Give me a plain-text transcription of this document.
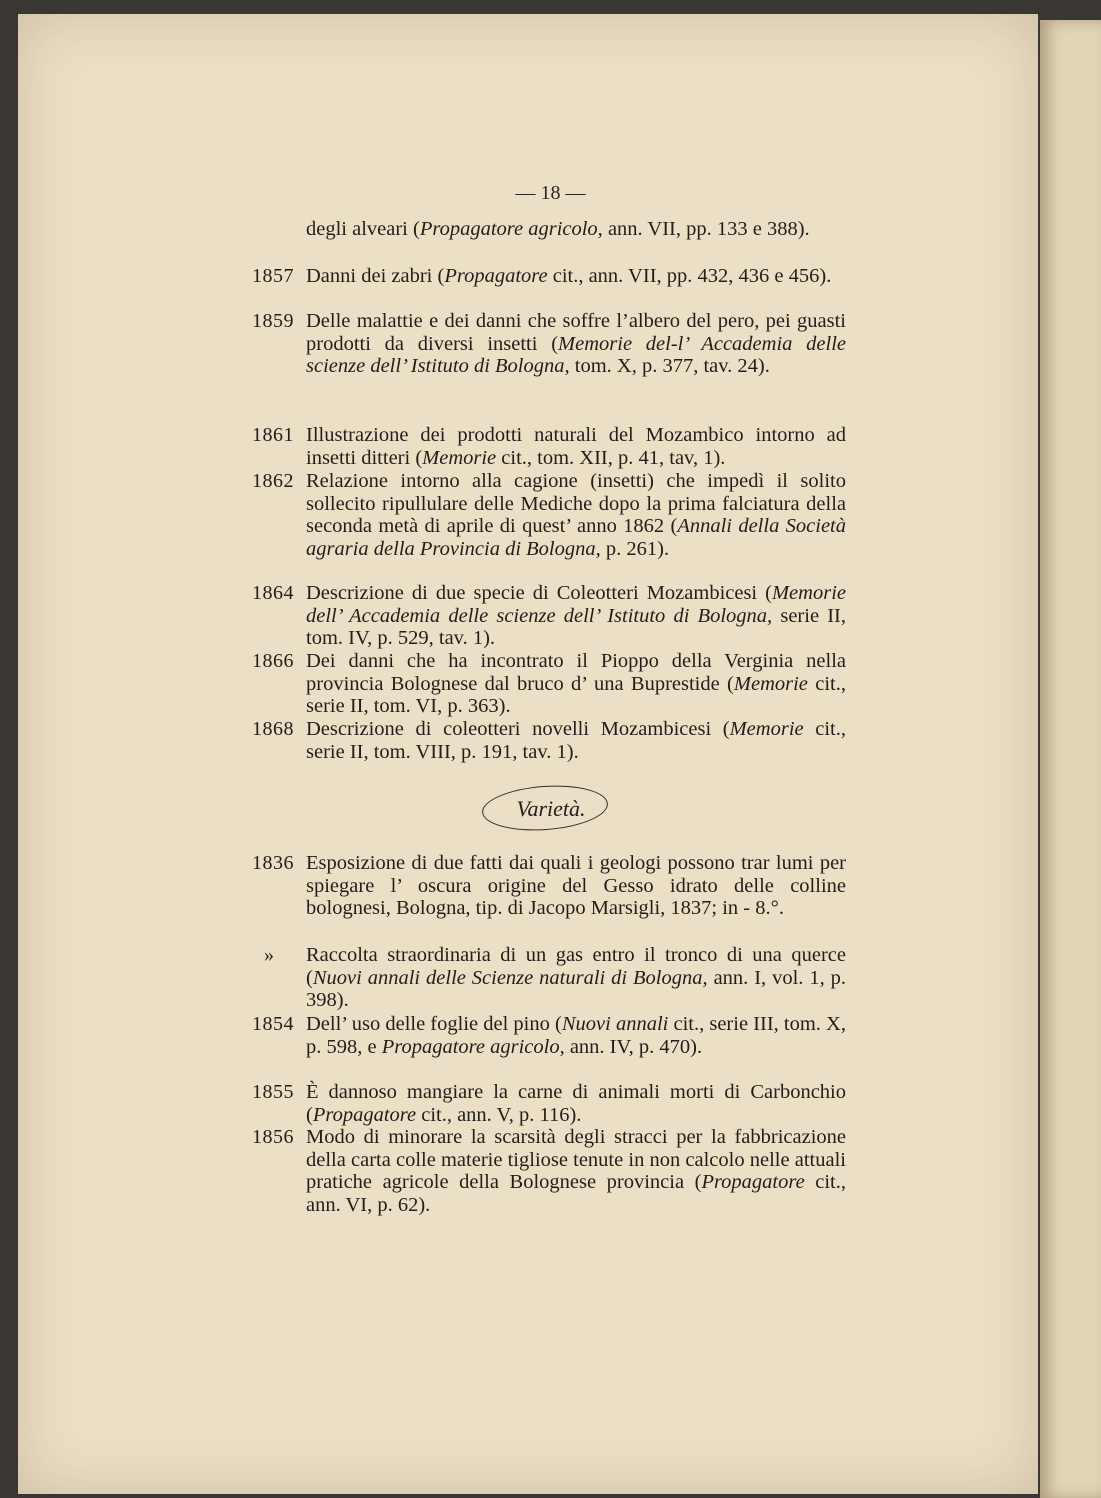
— 18 —
degli alveari (Propagatore agricolo, ann. VII, pp. 133 e 388).
1857 Danni dei zabri (Propagatore cit., ann. VII, pp. 432, 436 e 456).
1859 Delle malattie e dei danni che soffre l’albero del pero, pei guasti prodotti da diversi insetti (Memorie del-l’ Accademia delle scienze dell’ Istituto di Bologna, tom. X, p. 377, tav. 24).
1861 Illustrazione dei prodotti naturali del Mozambico intorno ad insetti ditteri (Memorie cit., tom. XII, p. 41, tav, 1).
1862 Relazione intorno alla cagione (insetti) che impedì il solito sollecito ripullulare delle Mediche dopo la prima falciatura della seconda metà di aprile di quest’ anno 1862 (Annali della Società agraria della Provincia di Bologna, p. 261).
1864 Descrizione di due specie di Coleotteri Mozambicesi (Memorie dell’ Accademia delle scienze dell’ Istituto di Bologna, serie II, tom. IV, p. 529, tav. 1).
1866 Dei danni che ha incontrato il Pioppo della Verginia nella provincia Bolognese dal bruco d’ una Buprestide (Memorie cit., serie II, tom. VI, p. 363).
1868 Descrizione di coleotteri novelli Mozambicesi (Memorie cit., serie II, tom. VIII, p. 191, tav. 1).
Varietà.
1836 Esposizione di due fatti dai quali i geologi possono trar lumi per spiegare l’ oscura origine del Gesso idrato delle colline bolognesi, Bologna, tip. di Jacopo Marsigli, 1837; in - 8.°.
»	Raccolta straordinaria di un gas entro il tronco di una querce (Nuovi annali delle Scienze naturali di Bologna, ann. I, vol. 1, p. 398).
1854 Dell’ uso delle foglie del pino (Nuovi annali cit., serie III, tom. X, p. 598, e Propagatore agricolo, ann. IV, p. 470).
1855 È dannoso mangiare la carne di animali morti di Carbonchio (Propagatore cit., ann. V, p. 116).
1856 Modo di minorare la scarsità degli stracci per la fabbricazione della carta colle materie tigliose tenute in non calcolo nelle attuali pratiche agricole della Bolognese provincia (Propagatore cit., ann. VI, p. 62).
